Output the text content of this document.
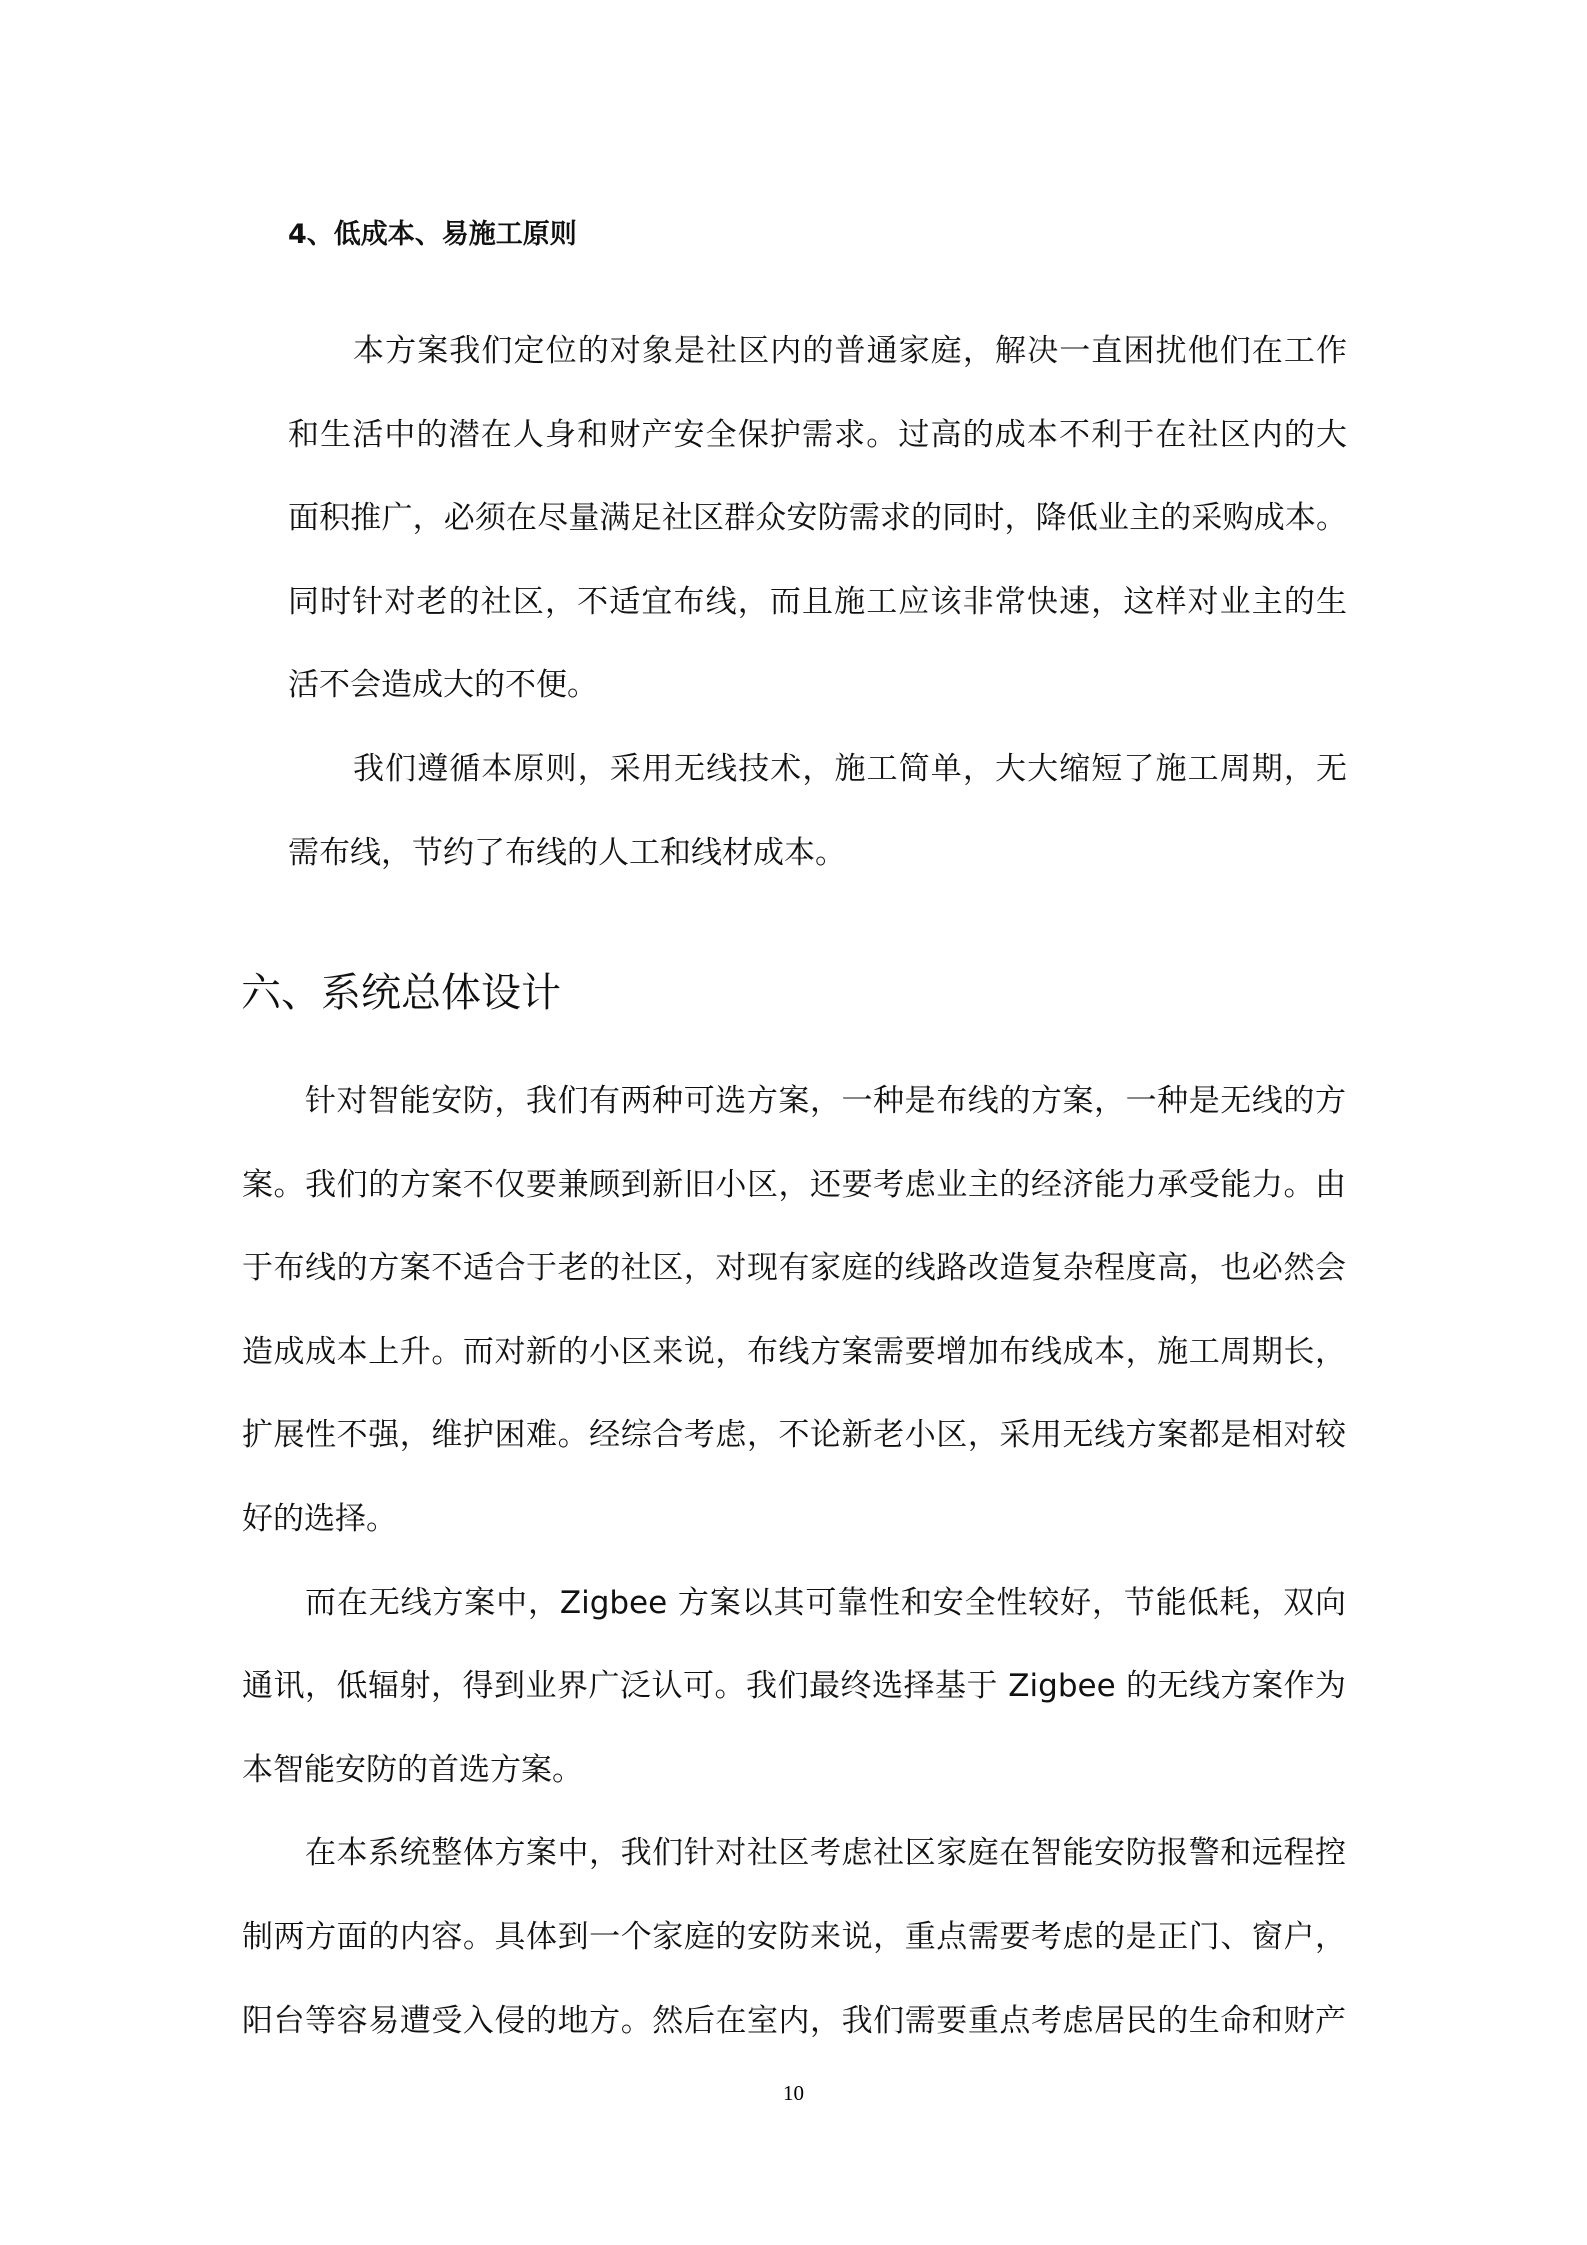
4、低成本、易施工原则
本方案我们定位的对象是社区内的普通家庭，解决一直困扰他们在工作
和生活中的潜在人身和财产安全保护需求。过高的成本不利于在社区内的大
面积推广，必须在尽量满足社区群众安防需求的同时，降低业主的采购成本。
同时针对老的社区，不适宜布线，而且施工应该非常快速，这样对业主的生
活不会造成大的不便。
我们遵循本原则，采用无线技术，施工简单，大大缩短了施工周期，无
需布线，节约了布线的人工和线材成本。
六、系统总体设计
针对智能安防，我们有两种可选方案，一种是布线的方案，一种是无线的方
案。我们的方案不仅要兼顾到新旧小区，还要考虑业主的经济能力承受能力。由
于布线的方案不适合于老的社区，对现有家庭的线路改造复杂程度高，也必然会
造成成本上升。而对新的小区来说，布线方案需要增加布线成本，施工周期长，
扩展性不强，维护困难。经综合考虑，不论新老小区，采用无线方案都是相对较
好的选择。
而在无线方案中，Zigbee 方案以其可靠性和安全性较好，节能低耗，双向
通讯，低辐射，得到业界广泛认可。我们最终选择基于 Zigbee 的无线方案作为
本智能安防的首选方案。
在本系统整体方案中，我们针对社区考虑社区家庭在智能安防报警和远程控
制两方面的内容。具体到一个家庭的安防来说，重点需要考虑的是正门、窗户，
阳台等容易遭受入侵的地方。然后在室内，我们需要重点考虑居民的生命和财产
10
